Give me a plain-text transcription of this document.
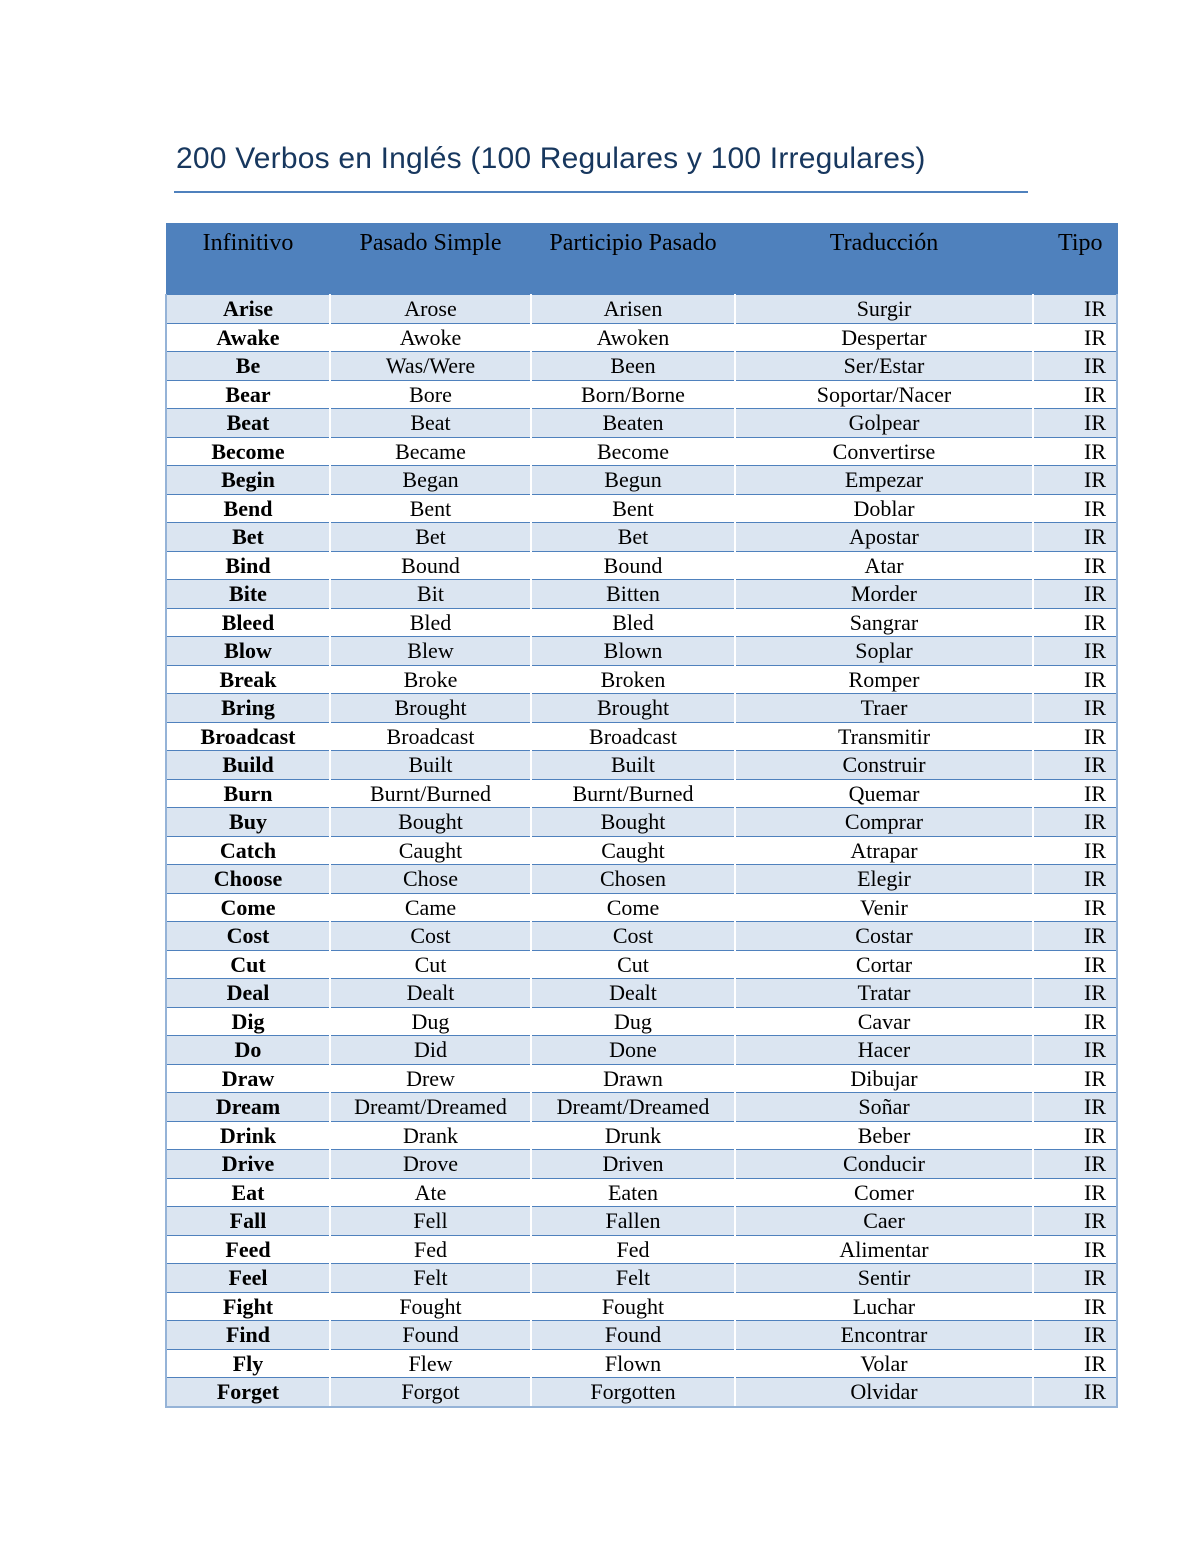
200 Verbos en Inglés (100 Regulares y 100 Irregulares)
Infinitivo	Pasado Simple	Participio Pasado	Traducción	Tipo
Arise	Arose	Arisen	Surgir	IR
Awake	Awoke	Awoken	Despertar	IR
Be	Was/Were	Been	Ser/Estar	IR
Bear	Bore	Born/Borne	Soportar/Nacer	IR
Beat	Beat	Beaten	Golpear	IR
Become	Became	Become	Convertirse	IR
Begin	Began	Begun	Empezar	IR
Bend	Bent	Bent	Doblar	IR
Bet	Bet	Bet	Apostar	IR
Bind	Bound	Bound	Atar	IR
Bite	Bit	Bitten	Morder	IR
Bleed	Bled	Bled	Sangrar	IR
Blow	Blew	Blown	Soplar	IR
Break	Broke	Broken	Romper	IR
Bring	Brought	Brought	Traer	IR
Broadcast	Broadcast	Broadcast	Transmitir	IR
Build	Built	Built	Construir	IR
Burn	Burnt/Burned	Burnt/Burned	Quemar	IR
Buy	Bought	Bought	Comprar	IR
Catch	Caught	Caught	Atrapar	IR
Choose	Chose	Chosen	Elegir	IR
Come	Came	Come	Venir	IR
Cost	Cost	Cost	Costar	IR
Cut	Cut	Cut	Cortar	IR
Deal	Dealt	Dealt	Tratar	IR
Dig	Dug	Dug	Cavar	IR
Do	Did	Done	Hacer	IR
Draw	Drew	Drawn	Dibujar	IR
Dream	Dreamt/Dreamed	Dreamt/Dreamed	Soñar	IR
Drink	Drank	Drunk	Beber	IR
Drive	Drove	Driven	Conducir	IR
Eat	Ate	Eaten	Comer	IR
Fall	Fell	Fallen	Caer	IR
Feed	Fed	Fed	Alimentar	IR
Feel	Felt	Felt	Sentir	IR
Fight	Fought	Fought	Luchar	IR
Find	Found	Found	Encontrar	IR
Fly	Flew	Flown	Volar	IR
Forget	Forgot	Forgotten	Olvidar	IR
